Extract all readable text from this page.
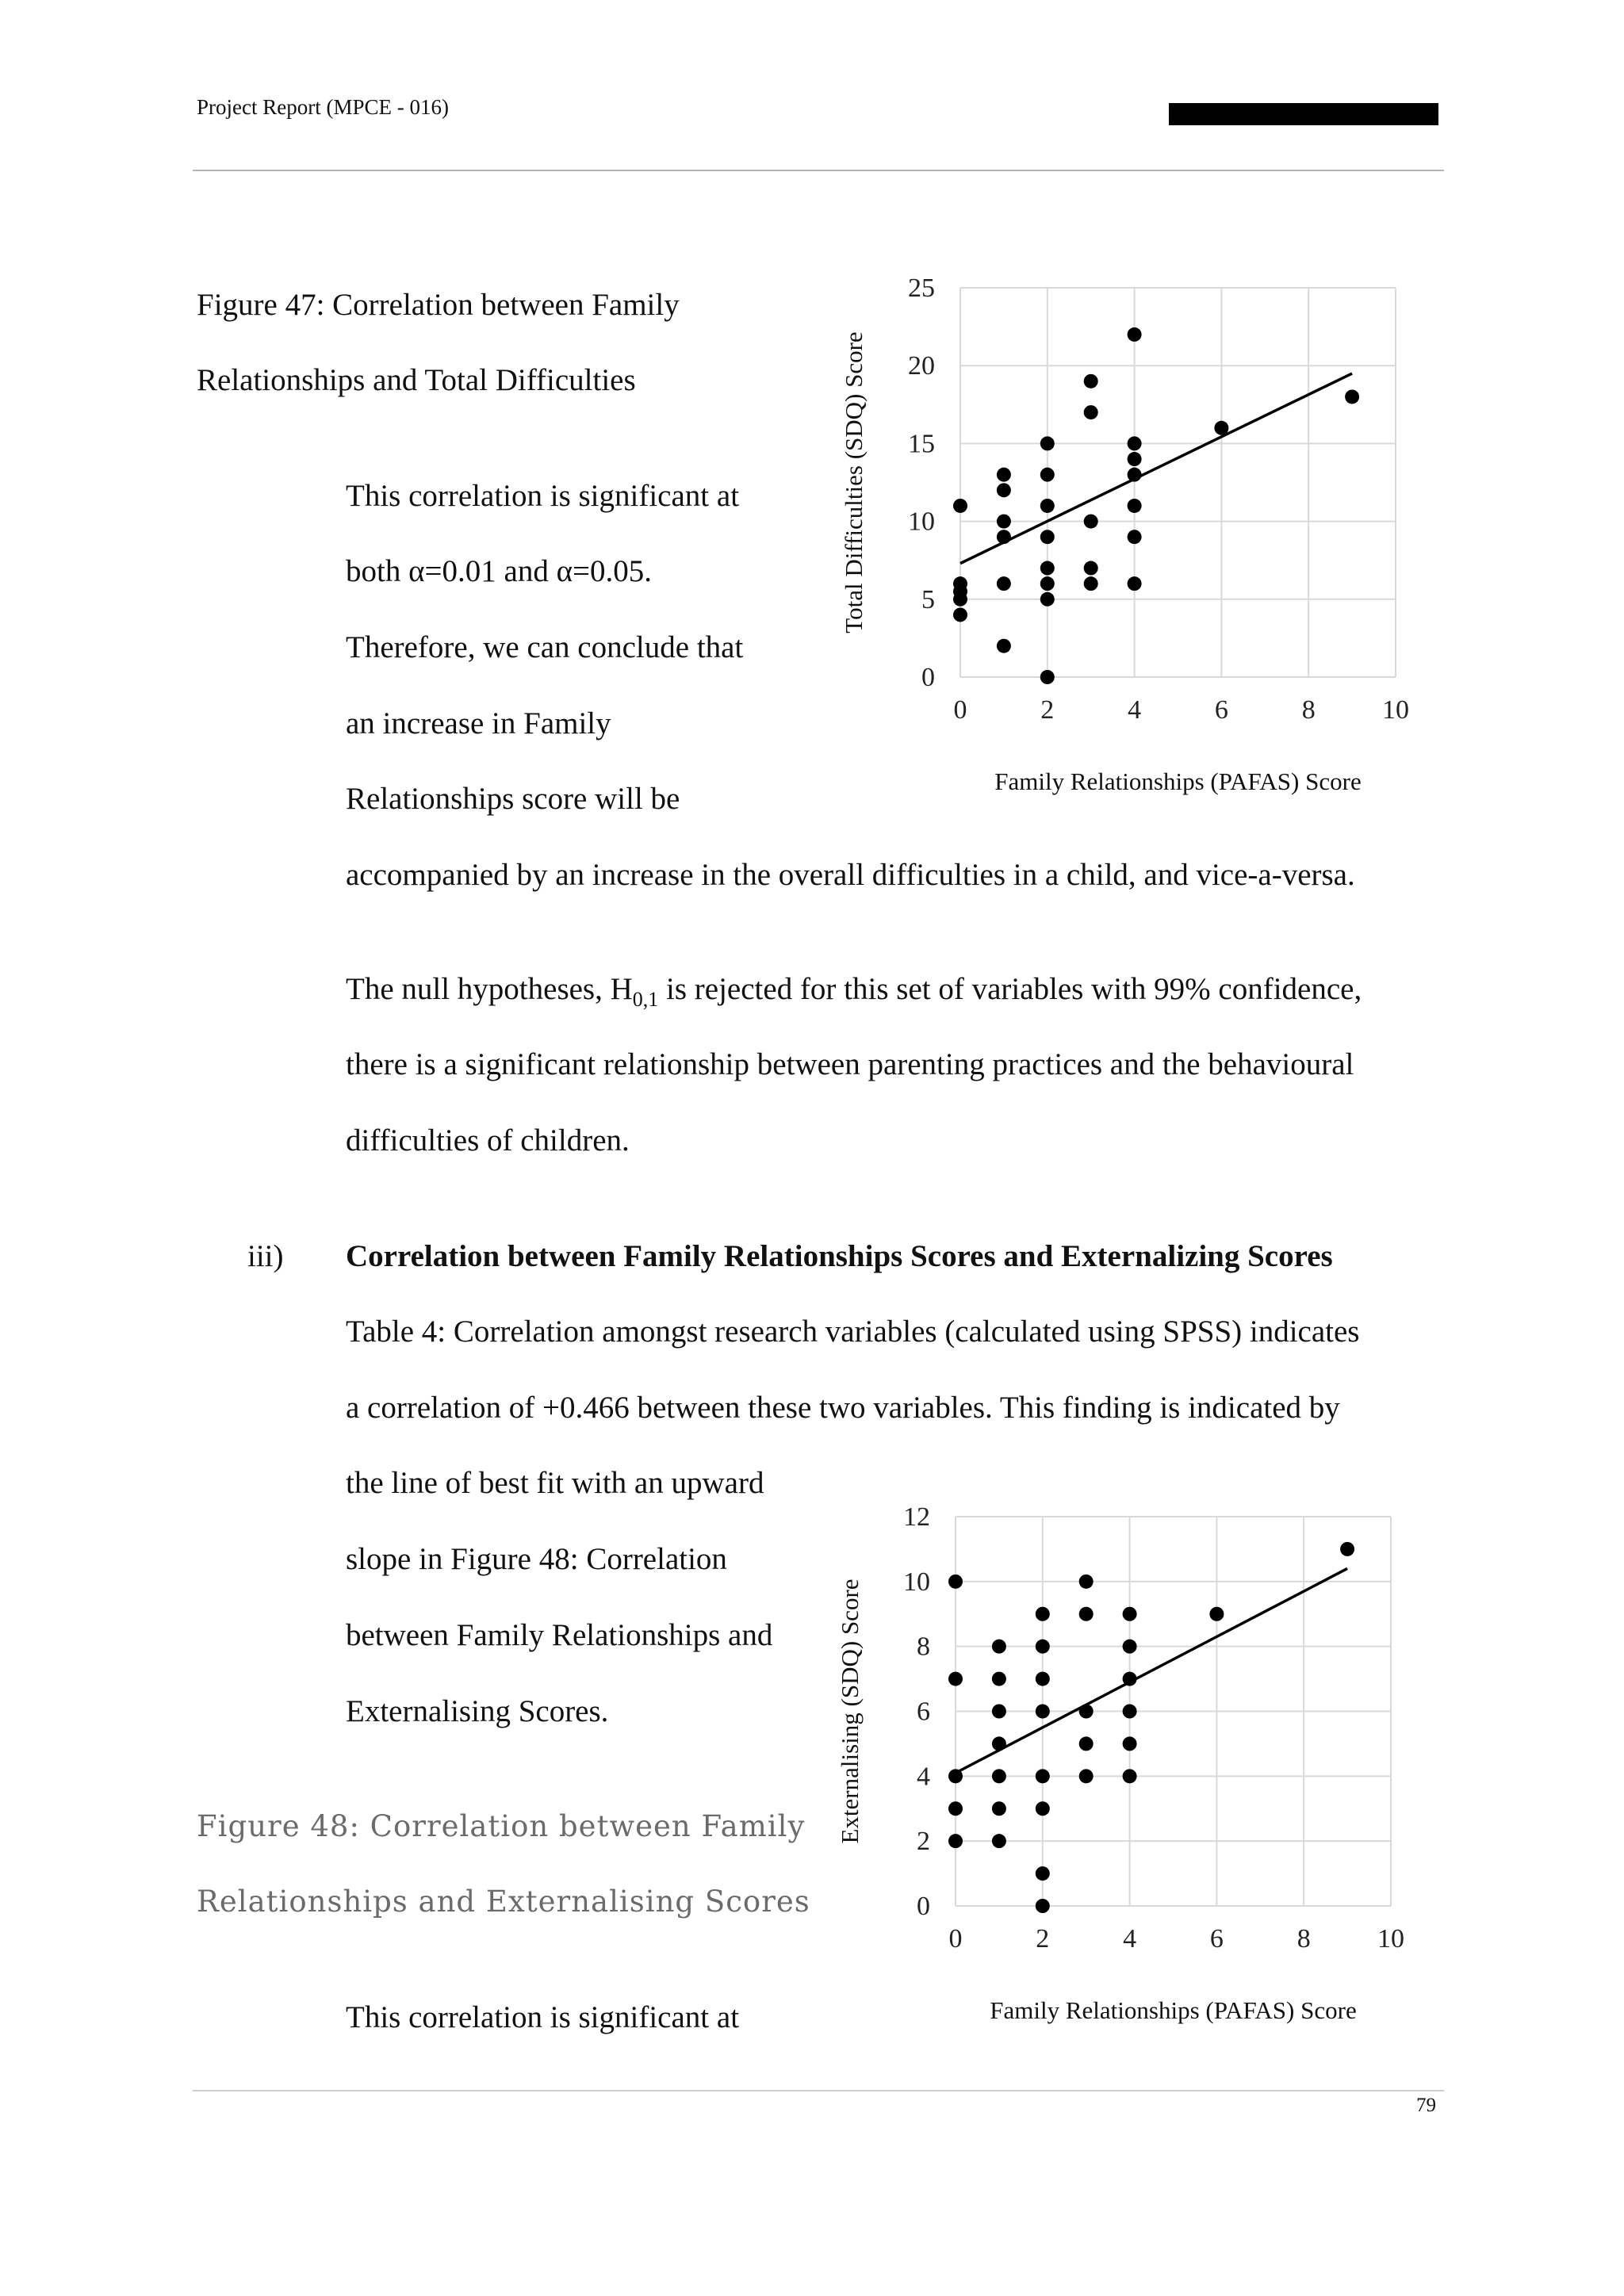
Project Report (MPCE - 016)
Figure 47: Correlation between Family
Relationships and Total Difficulties
This correlation is significant at
both α=0.01 and α=0.05.
Therefore, we can conclude that
an increase in Family
Relationships score will be
accompanied by an increase in the overall difficulties in a child, and vice-a-versa.
The null hypotheses, $H_{0,1}$ is rejected for this set of variables with 99% confidence,
there is a significant relationship between parenting practices and the behavioural
difficulties of children.
iii) Correlation between Family Relationships Scores and Externalizing Scores
Table 4: Correlation amongst research variables (calculated using SPSS) indicates
a correlation of +0.466 between these two variables. This finding is indicated by
the line of best fit with an upward
slope in Figure 48: Correlation
between Family Relationships and
Externalising Scores.
Figure 48: Correlation between Family
Relationships and Externalising Scores
This correlation is significant at
0	2	4	6	8 10
0
5
10
15
20
25
Family Relationships (PAFAS) Score
Total Difficulties (SDQ) Score
0	2	4	6	8 10
0
2
4
6
8
10
12
Family Relationships (PAFAS) Score
Externalising (SDQ) Score
79
